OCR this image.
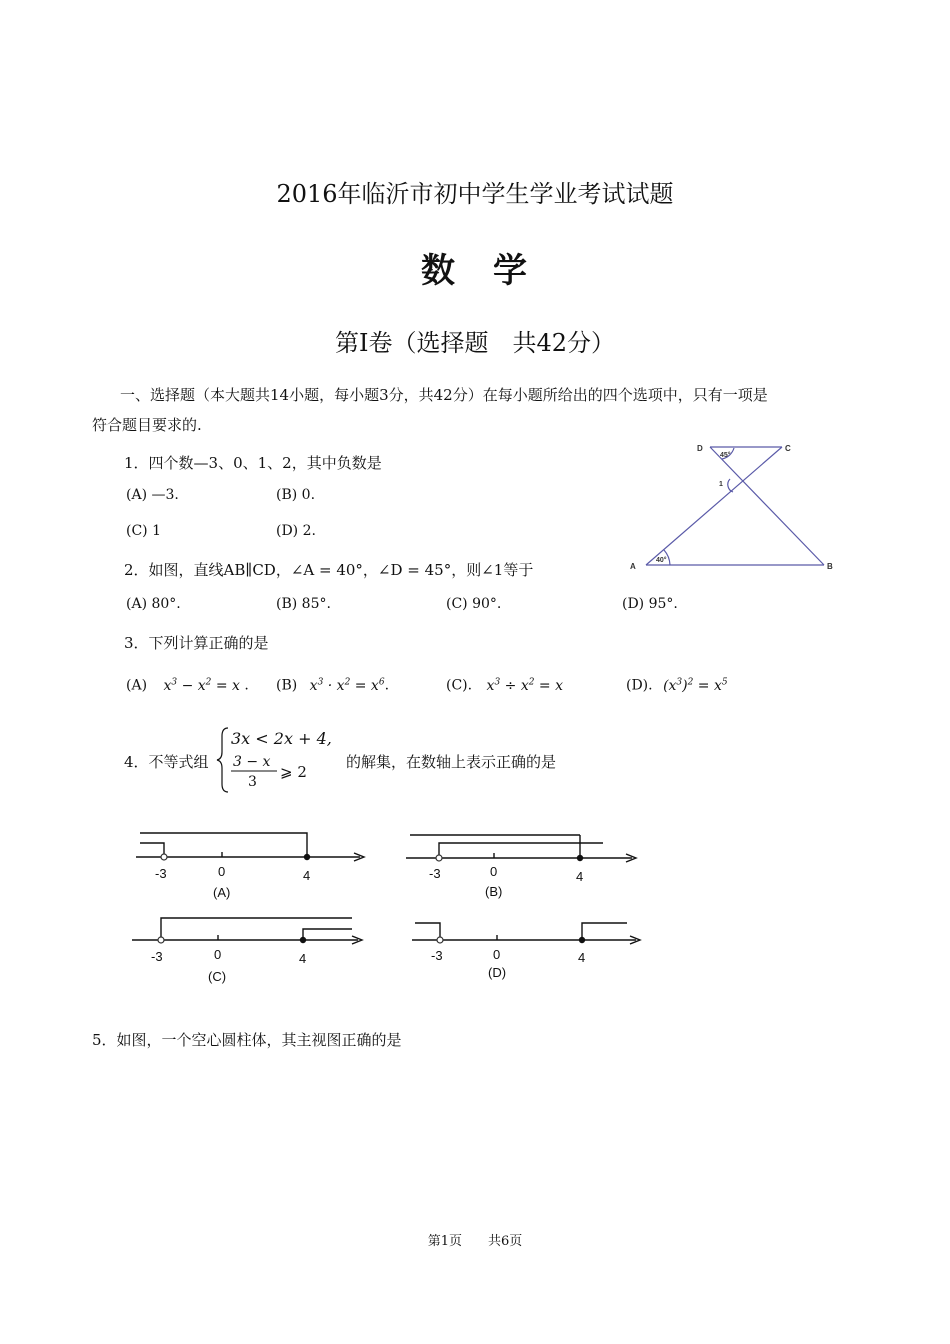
2016年临沂市初中学生学业考试试题
数　学
第Ⅰ卷（选择题　共42分）
一、选择题（本大题共14小题，每小题3分，共42分）在每小题所给出的四个选项中，只有一项是
符合题目要求的.
1．四个数—3、0、1、2，其中负数是
(A) —3.	(B) 0.
(C) 1	(D) 2.
D	C
A	B
45°
40°
1
2．如图，直线AB∥CD，∠A = 40°，∠D = 45°，则∠1等于
(A) 80°.	(B) 85°.	(C) 90°.	(D) 95°.
3．下列计算正确的是
(A) $x^3 - x^2 = x$ . (B) $x^3 \cdot x^2 = x^6$.	(C). $x^3 \div x^2 = x$	(D). $(x^3)^2 = x^5$
4．不等式组
3x < 2x + 4,
3 − x
3
⩾ 2
的解集，在数轴上表示正确的是
-3	0	4
(A)
-3	0	4
(B)
-3	0	4
(C)
-3	0	4
(D)
5．如图，一个空心圆柱体，其主视图正确的是
第1页　　共6页
